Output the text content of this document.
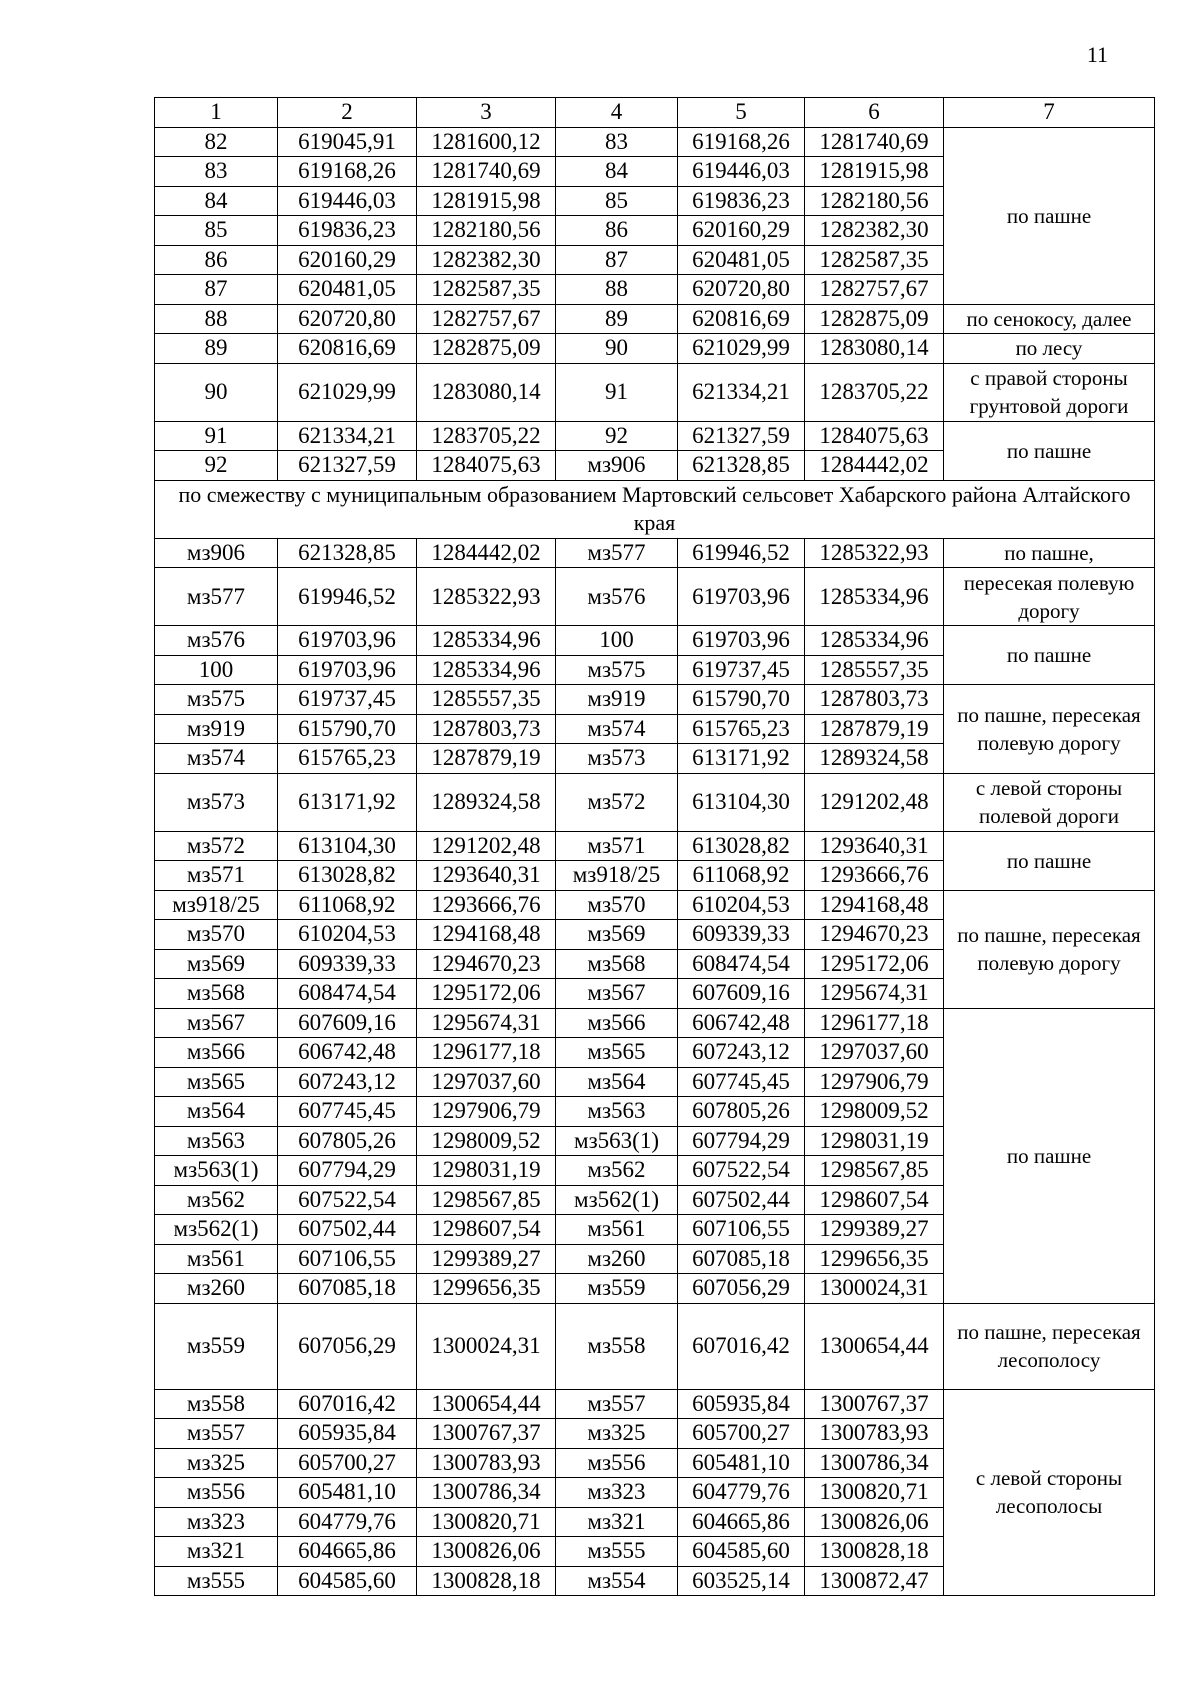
11
1	2	3	4	5	6	7
82	619045,91	1281600,12	83	619168,26	1281740,69	по пашне
83	619168,26	1281740,69	84	619446,03	1281915,98	
84	619446,03	1281915,98	85	619836,23	1282180,56	
85	619836,23	1282180,56	86	620160,29	1282382,30	
86	620160,29	1282382,30	87	620481,05	1282587,35	
87	620481,05	1282587,35	88	620720,80	1282757,67	
88	620720,80	1282757,67	89	620816,69	1282875,09	по сенокосу, далее
89	620816,69	1282875,09	90	621029,99	1283080,14	по лесу
90	621029,99	1283080,14	91	621334,21	1283705,22	с правой стороны грунтовой дороги
91	621334,21	1283705,22	92	621327,59	1284075,63	по пашне
92	621327,59	1284075,63	мз906	621328,85	1284442,02	
по смежеству с муниципальным образованием Мартовский сельсовет Хабарского района Алтайского края						
мз906	621328,85	1284442,02	мз577	619946,52	1285322,93	по пашне,
мз577	619946,52	1285322,93	мз576	619703,96	1285334,96	пересекая полевую дорогу
мз576	619703,96	1285334,96	100	619703,96	1285334,96	по пашне
100	619703,96	1285334,96	мз575	619737,45	1285557,35	
мз575	619737,45	1285557,35	мз919	615790,70	1287803,73	по пашне, пересекая полевую дорогу
мз919	615790,70	1287803,73	мз574	615765,23	1287879,19	
мз574	615765,23	1287879,19	мз573	613171,92	1289324,58	
мз573	613171,92	1289324,58	мз572	613104,30	1291202,48	с левой стороны полевой дороги
мз572	613104,30	1291202,48	мз571	613028,82	1293640,31	по пашне
мз571	613028,82	1293640,31	мз918/25	611068,92	1293666,76	
мз918/25	611068,92	1293666,76	мз570	610204,53	1294168,48	по пашне, пересекая полевую дорогу
мз570	610204,53	1294168,48	мз569	609339,33	1294670,23	
мз569	609339,33	1294670,23	мз568	608474,54	1295172,06	
мз568	608474,54	1295172,06	мз567	607609,16	1295674,31	
мз567	607609,16	1295674,31	мз566	606742,48	1296177,18	по пашне
мз566	606742,48	1296177,18	мз565	607243,12	1297037,60	
мз565	607243,12	1297037,60	мз564	607745,45	1297906,79	
мз564	607745,45	1297906,79	мз563	607805,26	1298009,52	
мз563	607805,26	1298009,52	мз563(1)	607794,29	1298031,19	
мз563(1)	607794,29	1298031,19	мз562	607522,54	1298567,85	
мз562	607522,54	1298567,85	мз562(1)	607502,44	1298607,54	
мз562(1)	607502,44	1298607,54	мз561	607106,55	1299389,27	
мз561	607106,55	1299389,27	мз260	607085,18	1299656,35	
мз260	607085,18	1299656,35	мз559	607056,29	1300024,31	
мз559	607056,29	1300024,31	мз558	607016,42	1300654,44	по пашне, пересекая лесополосу
мз558	607016,42	1300654,44	мз557	605935,84	1300767,37	с левой стороны лесополосы
мз557	605935,84	1300767,37	мз325	605700,27	1300783,93	
мз325	605700,27	1300783,93	мз556	605481,10	1300786,34	
мз556	605481,10	1300786,34	мз323	604779,76	1300820,71	
мз323	604779,76	1300820,71	мз321	604665,86	1300826,06	
мз321	604665,86	1300826,06	мз555	604585,60	1300828,18	
мз555	604585,60	1300828,18	мз554	603525,14	1300872,47	
